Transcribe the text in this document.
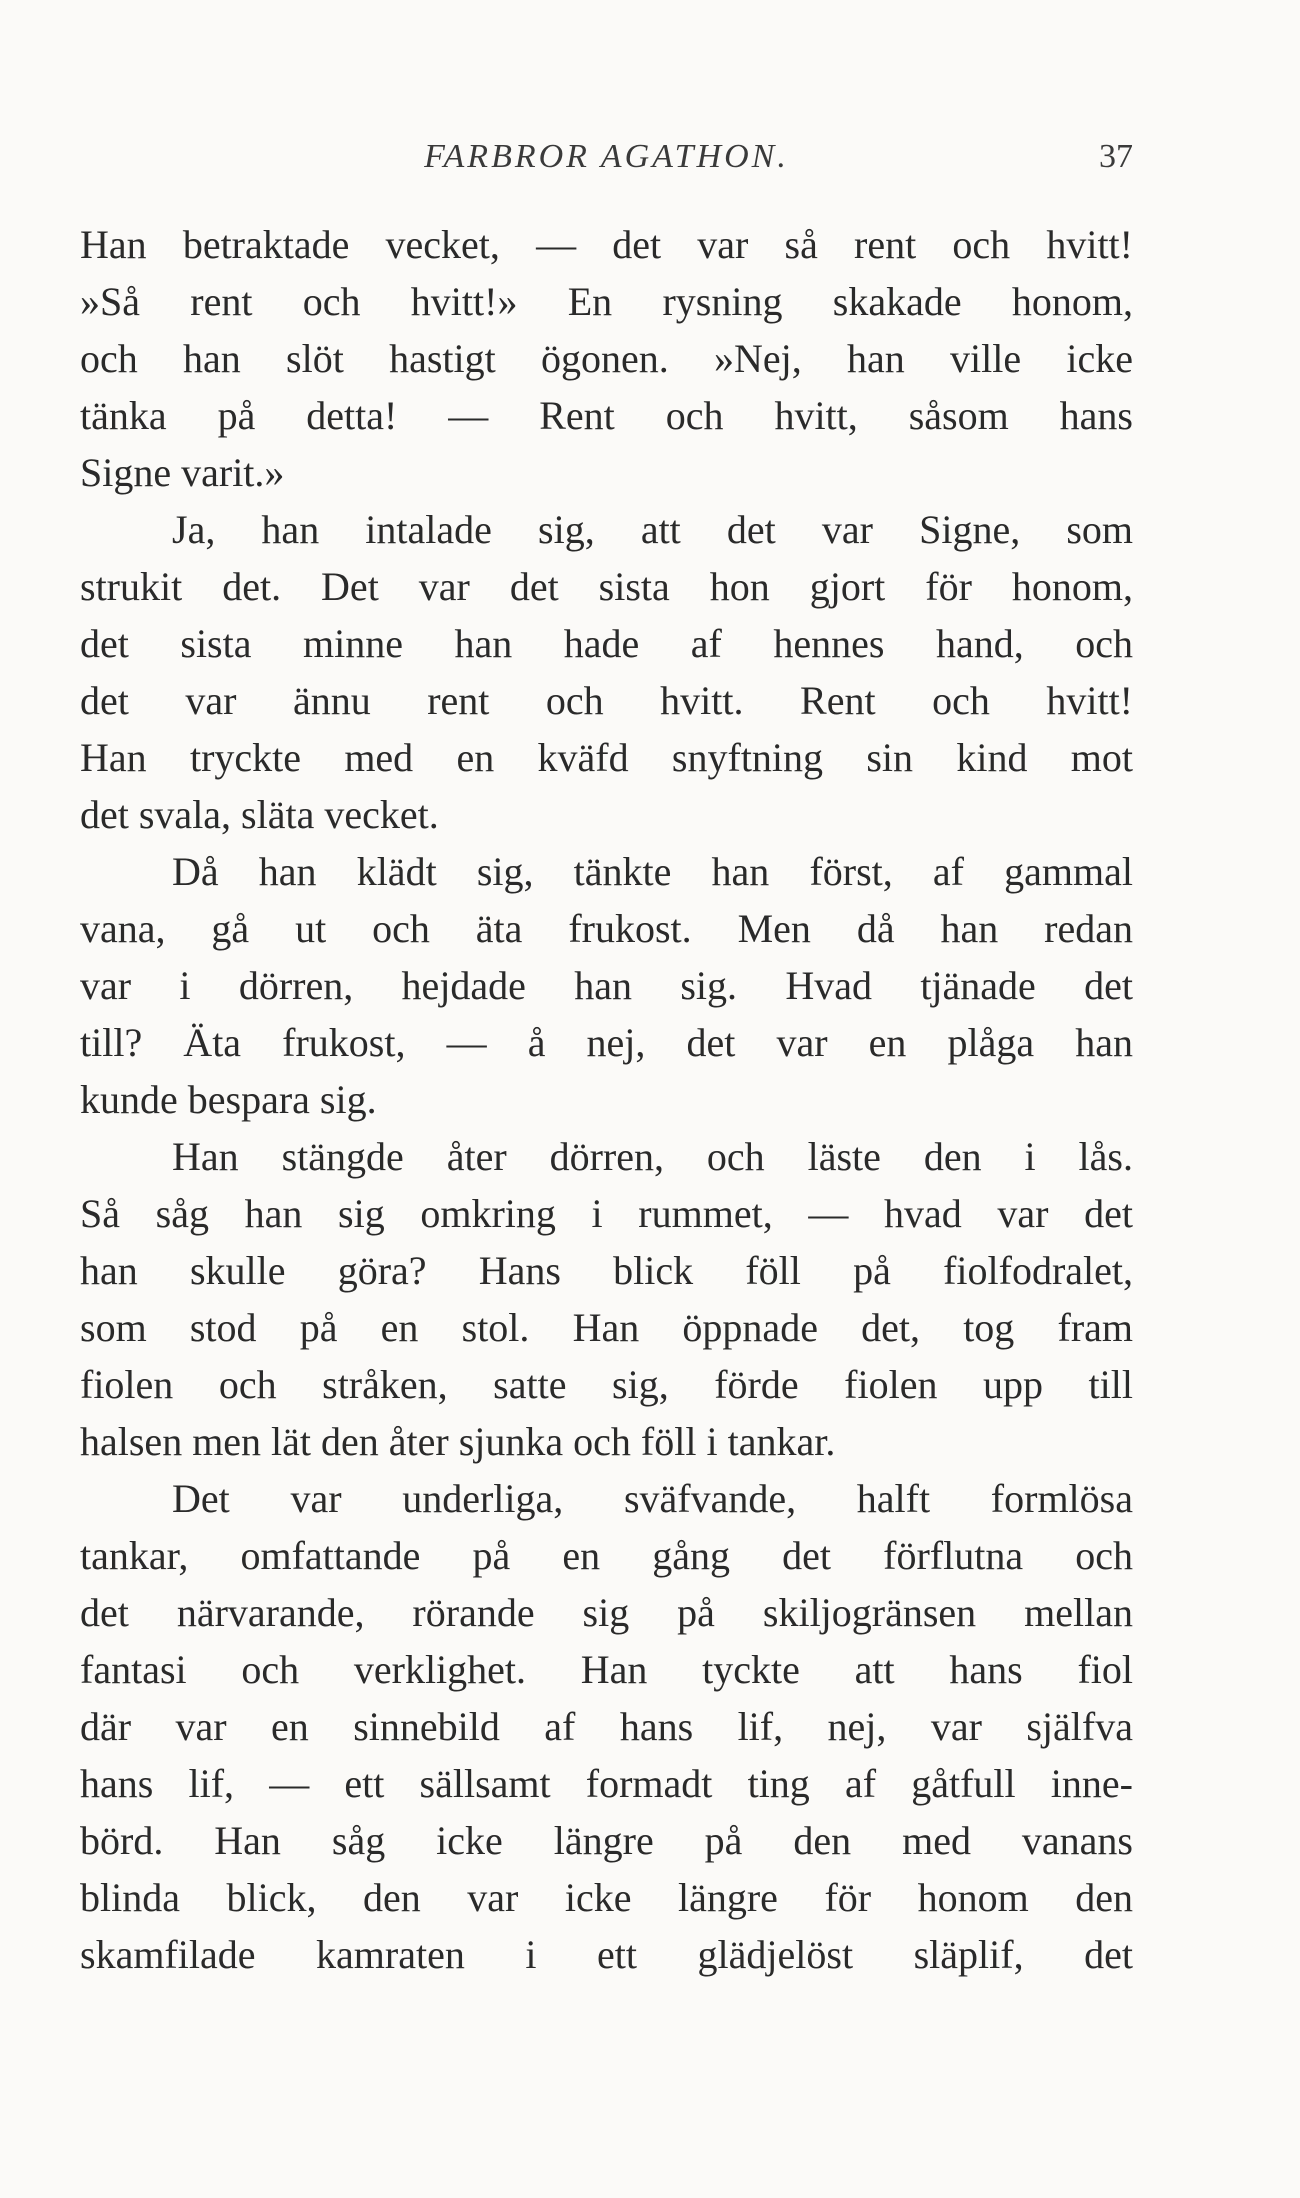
FARBROR AGATHON.	37
Han betraktade vecket, — det var så rent och hvitt!
»Så rent och hvitt!» En rysning skakade honom,
och han slöt hastigt ögonen. »Nej, han ville icke
tänka på detta! — Rent och hvitt, såsom hans
Signe varit.»
Ja, han intalade sig, att det var Signe, som
strukit det. Det var det sista hon gjort för honom,
det sista minne han hade af hennes hand, och
det var ännu rent och hvitt. Rent och hvitt!
Han tryckte med en kväfd snyftning sin kind mot
det svala, släta vecket.
Då han klädt sig, tänkte han först, af gammal
vana, gå ut och äta frukost. Men då han redan
var i dörren, hejdade han sig. Hvad tjänade det
till? Äta frukost, — å nej, det var en plåga han
kunde bespara sig.
Han stängde åter dörren, och läste den i lås.
Så såg han sig omkring i rummet, — hvad var det
han skulle göra? Hans blick föll på fiolfodralet,
som stod på en stol. Han öppnade det, tog fram
fiolen och stråken, satte sig, förde fiolen upp till
halsen men lät den åter sjunka och föll i tankar.
Det var underliga, sväfvande, halft formlösa
tankar, omfattande på en gång det förflutna och
det närvarande, rörande sig på skiljogränsen mellan
fantasi och verklighet. Han tyckte att hans fiol
där var en sinnebild af hans lif, nej, var själfva
hans lif, — ett sällsamt formadt ting af gåtfull inne-
börd. Han såg icke längre på den med vanans
blinda blick, den var icke längre för honom den
skamfilade kamraten i ett glädjelöst släplif, det
